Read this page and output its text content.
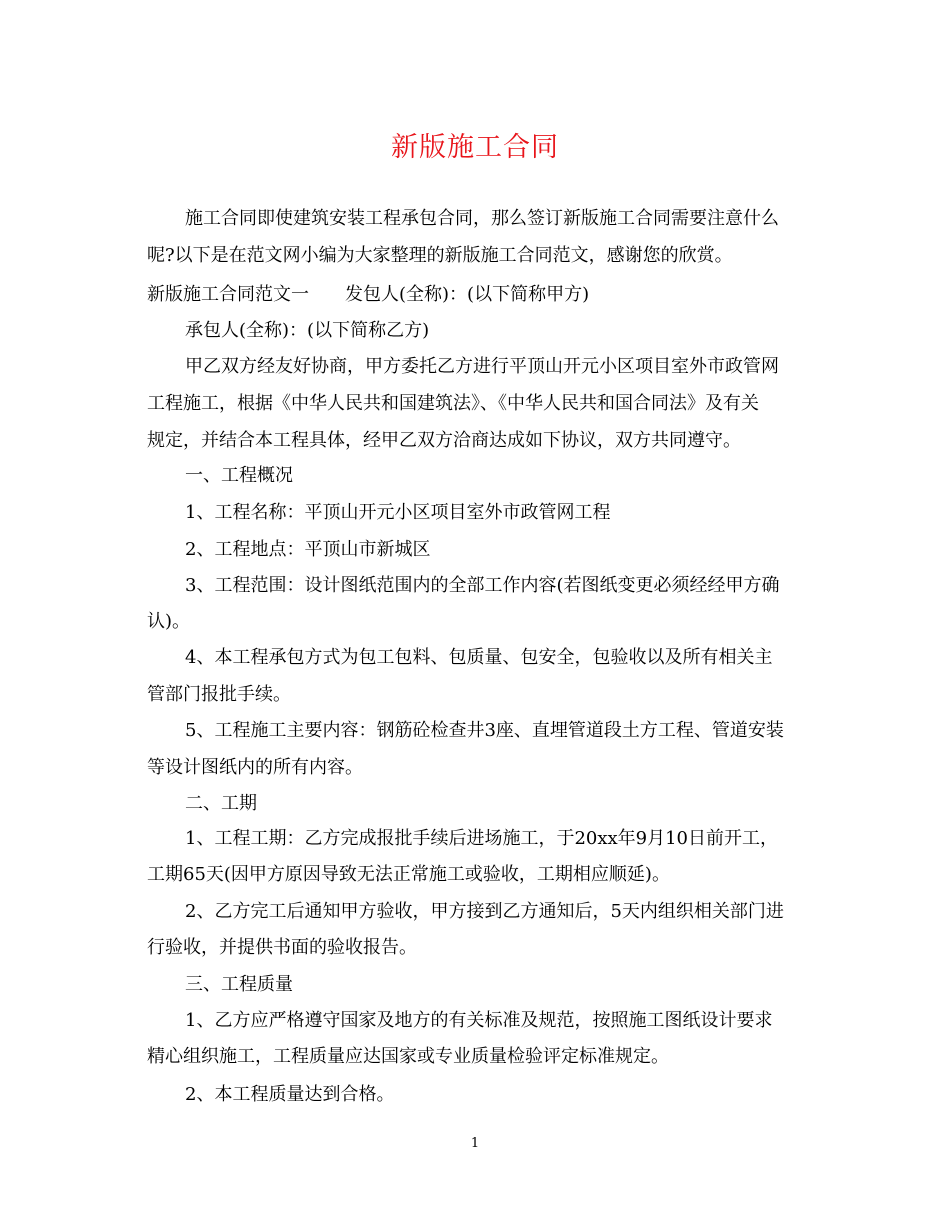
新版施工合同
施工合同即使建筑安装工程承包合同，那么签订新版施工合同需要注意什么
呢?以下是在范文网小编为大家整理的新版施工合同范文，感谢您的欣赏。
新版施工合同范文一　　发包人(全称)：(以下简称甲方)
承包人(全称)：(以下简称乙方)
甲乙双方经友好协商，甲方委托乙方进行平顶山开元小区项目室外市政管网
工程施工，根据《中华人民共和国建筑法》、《中华人民共和国合同法》及有关
规定，并结合本工程具体，经甲乙双方洽商达成如下协议，双方共同遵守。
一、工程概况
1、工程名称：平顶山开元小区项目室外市政管网工程
2、工程地点：平顶山市新城区
3、工程范围：设计图纸范围内的全部工作内容(若图纸变更必须经经甲方确
认)。
4、本工程承包方式为包工包料、包质量、包安全，包验收以及所有相关主
管部门报批手续。
5、工程施工主要内容：钢筋砼检查井3座、直埋管道段土方工程、管道安装
等设计图纸内的所有内容。
二、工期
1、工程工期：乙方完成报批手续后进场施工，于20xx年9月10日前开工，
工期65天(因甲方原因导致无法正常施工或验收，工期相应顺延)。
2、乙方完工后通知甲方验收，甲方接到乙方通知后，5天内组织相关部门进
行验收，并提供书面的验收报告。
三、工程质量
1、乙方应严格遵守国家及地方的有关标准及规范，按照施工图纸设计要求
精心组织施工，工程质量应达国家或专业质量检验评定标准规定。
2、本工程质量达到合格。
1
